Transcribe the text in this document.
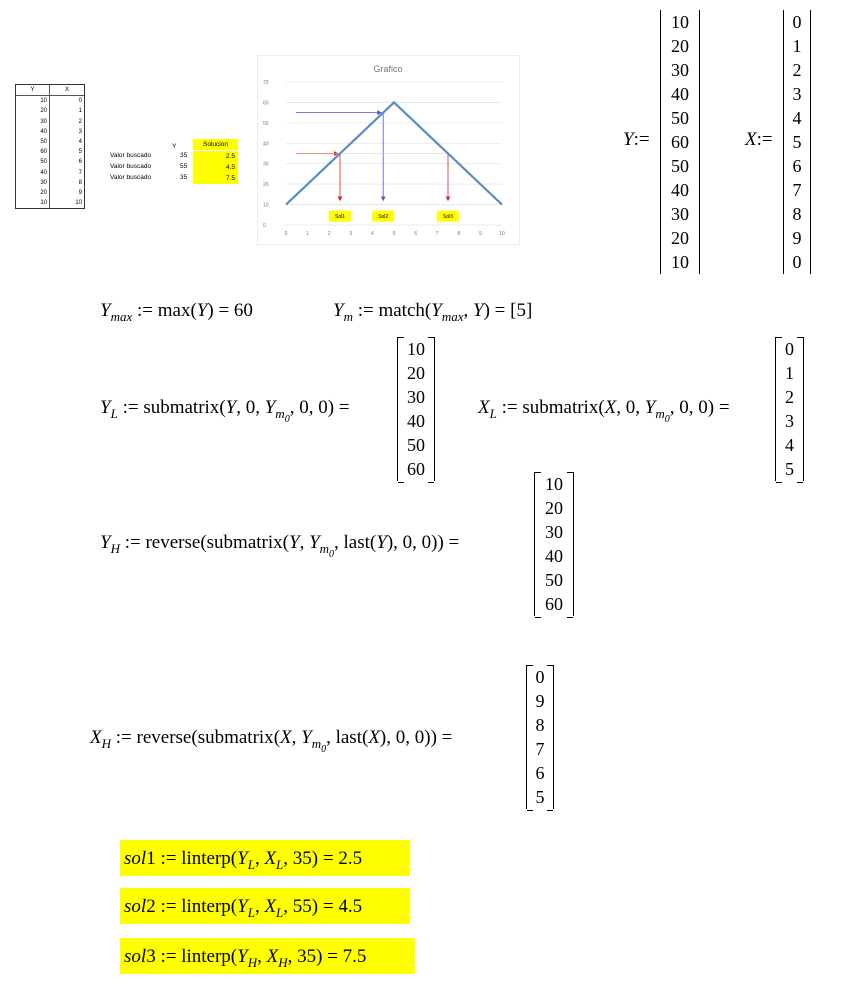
Y	X
10	0
20	1
30	2
40	3
50	4
60	5
50	6
40	7
30	8
20	9
10	10
Y	Solucion
Valor buscado	35	2.5
Valor buscado	55	4.5
Valor buscado	35	7.5
Grafico
0
10
20
30
40
50
60
70
0	1	2	3	4	5	6	7	8	9	10
Sol1	Sol2	Sol3
Y:=
10
20
30
40
50
60
50
40
30
20
10
X:=
0
1
2
3
4
5
6
7
8
9
0
$Y_{max}$ := max(Y) = 60	$Y_m$ := $match(Y_{max}$, Y) = [5]
$Y_L$ := submatrix(Y, 0, $Y_{m_0}$, 0, 0) =
10
20
30
40
50
60
$X_L$ := submatrix(X, 0, $Y_{m_0}$, 0, 0) =
0
1
2
3
4
5
$Y_H$ := reverse(submatrix(Y, $Y_{m_0}$, last(Y), 0, 0)) =
10
20
30
40
50
60
$X_H$ := reverse(submatrix(X, $Y_{m_0}$, last(X), 0, 0)) =
0
9
8
7
6
5
sol1 := $linterp(Y_L$, $X_L$, 35) = 2.5
sol2 := $linterp(Y_L$, $X_L$, 55) = 4.5
sol3 := $linterp(Y_H$, $X_H$, 35) = 7.5
